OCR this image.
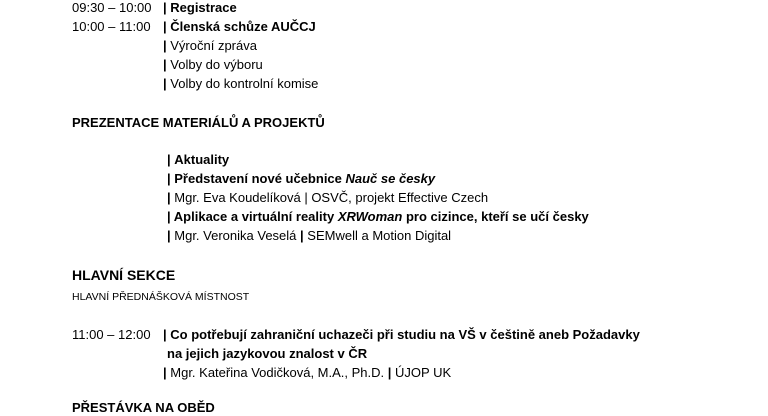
09:30 – 10:00 | Registrace
10:00 – 11:00 | Členská schůze AUČCJ
| Výroční zpráva
| Volby do výboru
| Volby do kontrolní komise
PREZENTACE MATERIÁLŮ A PROJEKTŮ
| Aktuality
| Představení nové učebnice Nauč se česky
| Mgr. Eva Koudelíková | OSVČ, projekt Effective Czech
| Aplikace a virtuální reality XRWoman pro cizince, kteří se učí česky
| Mgr. Veronika Veselá | SEMwell a Motion Digital
HLAVNÍ SEKCE
HLAVNÍ PŘEDNÁŠKOVÁ MÍSTNOST
11:00 – 12:00 | Co potřebují zahraniční uchazeči při studiu na VŠ v češtině aneb Požadavky
na jejich jazykovou znalost v ČR
| Mgr. Kateřina Vodičková, M.A., Ph.D. | ÚJOP UK
PŘESTÁVKA NA OBĚD
